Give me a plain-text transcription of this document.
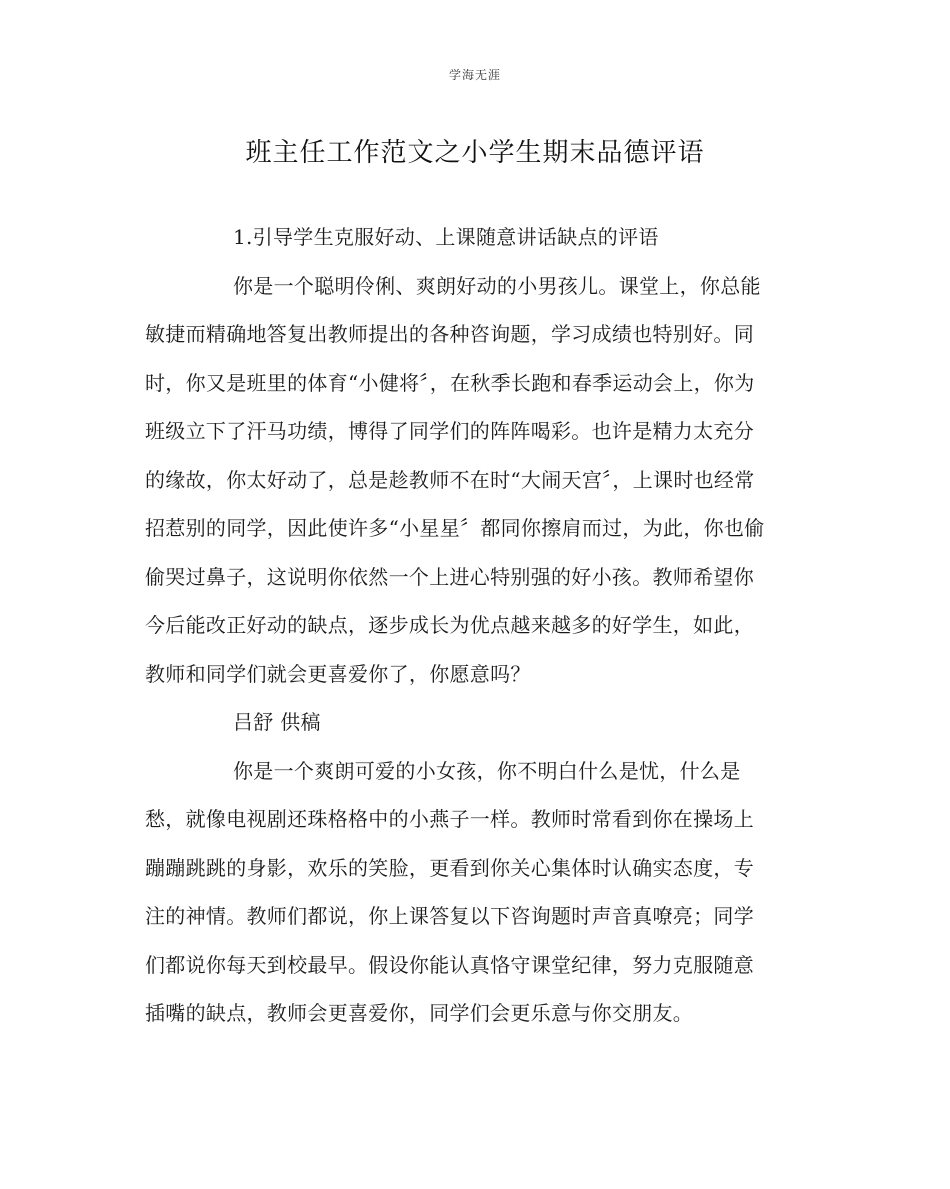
学海无涯
班主任工作范文之小学生期末品德评语
1.引导学生克服好动、上课随意讲话缺点的评语
你是一个聪明伶俐、爽朗好动的小男孩儿。课堂上，你总能
敏捷而精确地答复出教师提出的各种咨询题，学习成绩也特别好。同
时，你又是班里的体育“小健将〞，在秋季长跑和春季运动会上，你为
班级立下了汗马功绩，博得了同学们的阵阵喝彩。也许是精力太充分
的缘故，你太好动了，总是趁教师不在时“大闹天宫〞，上课时也经常
招惹别的同学，因此使许多“小星星〞都同你擦肩而过，为此，你也偷
偷哭过鼻子，这说明你依然一个上进心特别强的好小孩。教师希望你
今后能改正好动的缺点，逐步成长为优点越来越多的好学生，如此，
教师和同学们就会更喜爱你了，你愿意吗？
吕舒 供稿
你是一个爽朗可爱的小女孩，你不明白什么是忧，什么是
愁，就像电视剧还珠格格中的小燕子一样。教师时常看到你在操场上
蹦蹦跳跳的身影，欢乐的笑脸，更看到你关心集体时认确实态度，专
注的神情。教师们都说，你上课答复以下咨询题时声音真嘹亮；同学
们都说你每天到校最早。假设你能认真恪守课堂纪律，努力克服随意
插嘴的缺点，教师会更喜爱你，同学们会更乐意与你交朋友。
